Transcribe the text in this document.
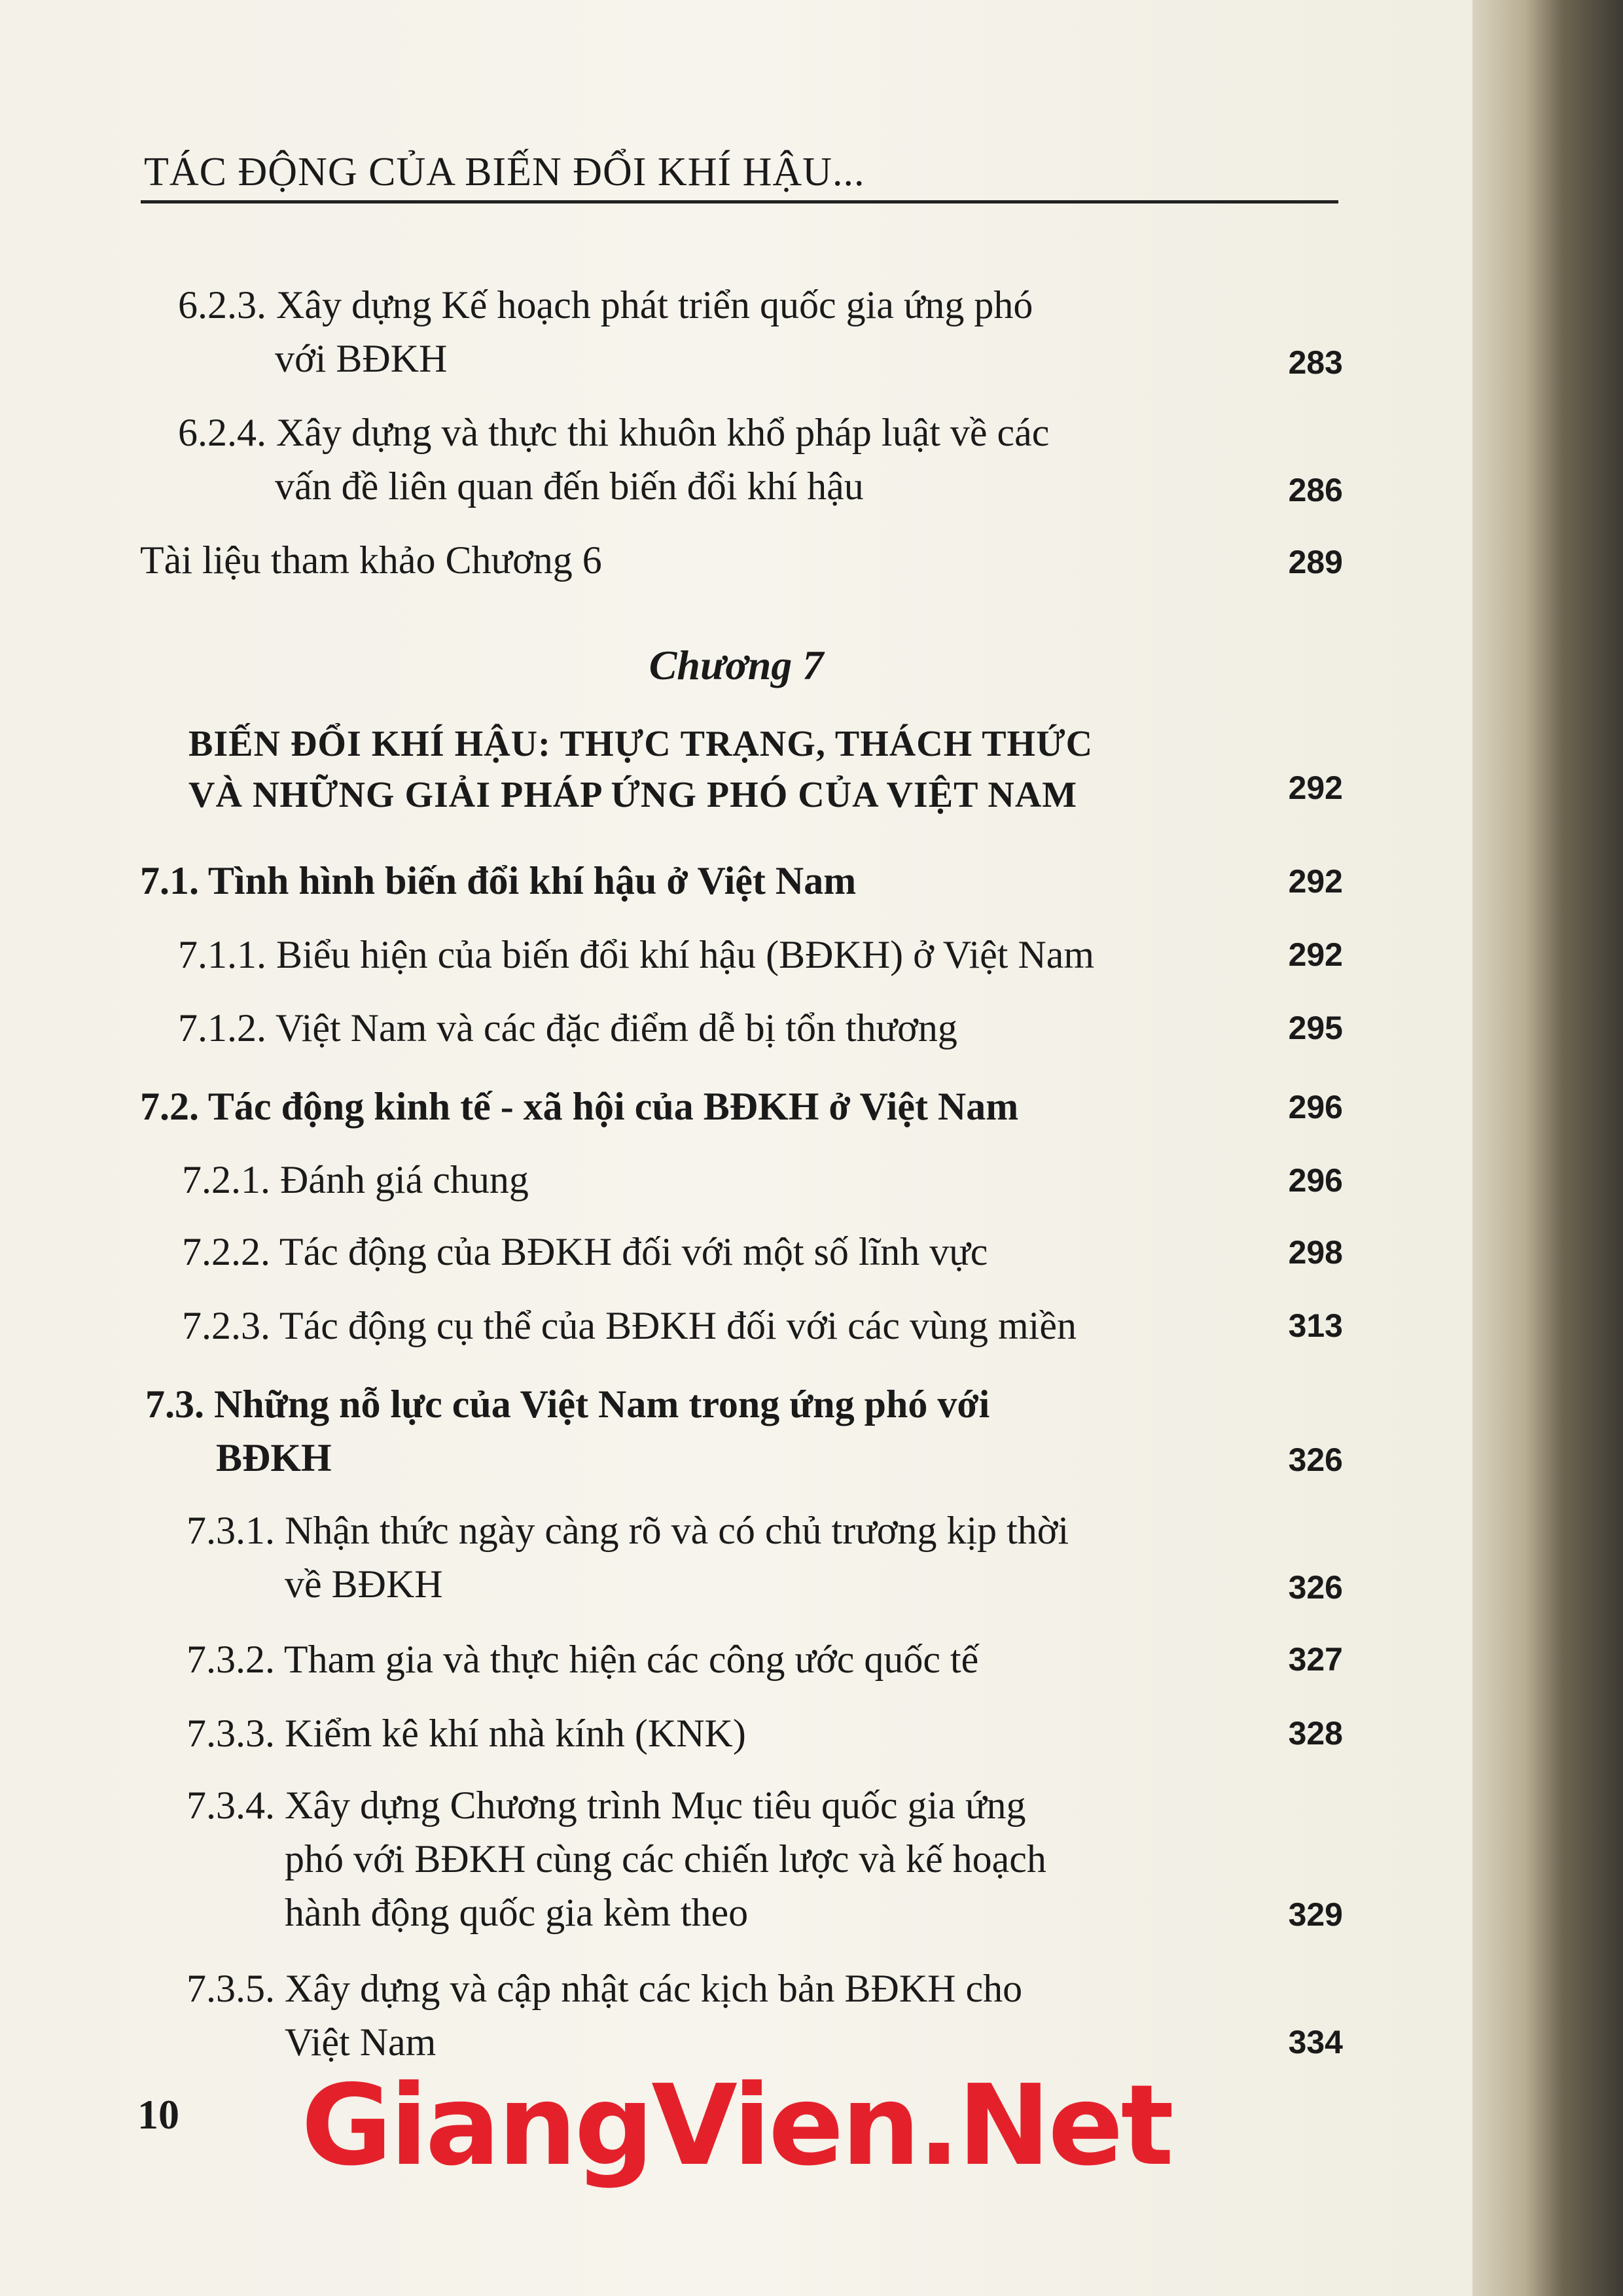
TÁC ĐỘNG CỦA BIẾN ĐỔI KHÍ HẬU...
6.2.3. Xây dựng Kế hoạch phát triển quốc gia ứng phó
với BĐKH	283
6.2.4. Xây dựng và thực thi khuôn khổ pháp luật về các
vấn đề liên quan đến biến đổi khí hậu	286
Tài liệu tham khảo Chương 6	289
Chương 7
BIẾN ĐỔI KHÍ HẬU: THỰC TRẠNG, THÁCH THỨC
VÀ NHỮNG GIẢI PHÁP ỨNG PHÓ CỦA VIỆT NAM	292
7.1. Tình hình biến đổi khí hậu ở Việt Nam	292
7.1.1. Biểu hiện của biến đổi khí hậu (BĐKH) ở Việt Nam	292
7.1.2. Việt Nam và các đặc điểm dễ bị tổn thương	295
7.2. Tác động kinh tế - xã hội của BĐKH ở Việt Nam	296
7.2.1. Đánh giá chung	296
7.2.2. Tác động của BĐKH đối với một số lĩnh vực	298
7.2.3. Tác động cụ thể của BĐKH đối với các vùng miền	313
7.3. Những nỗ lực của Việt Nam trong ứng phó với
BĐKH	326
7.3.1. Nhận thức ngày càng rõ và có chủ trương kịp thời
về BĐKH	326
7.3.2. Tham gia và thực hiện các công ước quốc tế	327
7.3.3. Kiểm kê khí nhà kính (KNK)	328
7.3.4. Xây dựng Chương trình Mục tiêu quốc gia ứng
phó với BĐKH cùng các chiến lược và kế hoạch
hành động quốc gia kèm theo	329
7.3.5. Xây dựng và cập nhật các kịch bản BĐKH cho
Việt Nam	334
10	GiangVien.Net
